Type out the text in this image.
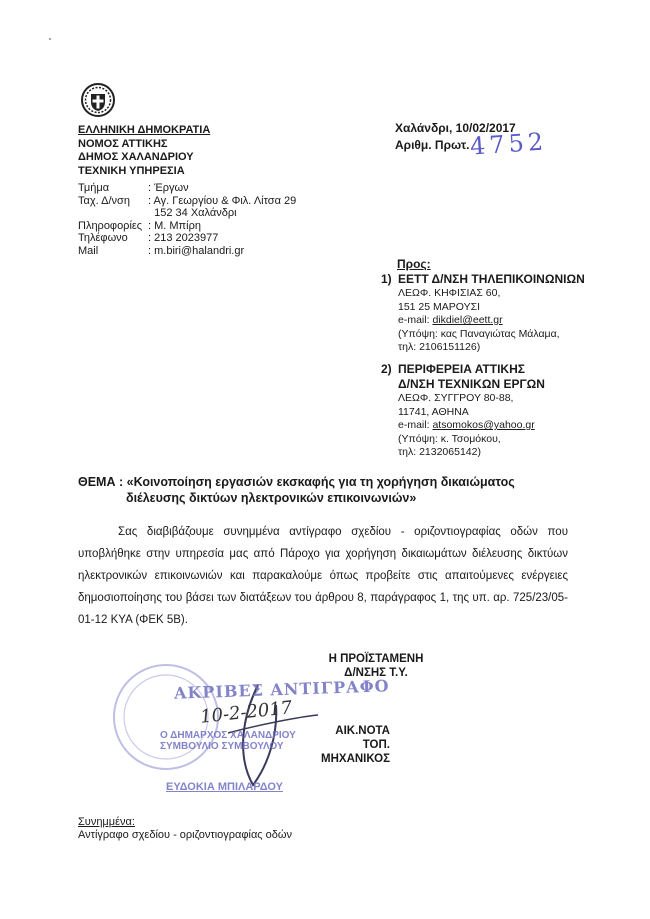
ΕΛΛΗΝΙΚΗ ΔΗΜΟΚΡΑΤΙΑ
ΝΟΜΟΣ ΑΤΤΙΚΗΣ
ΔΗΜΟΣ ΧΑΛΑΝΔΡΙΟΥ
ΤΕΧΝΙΚΗ ΥΠΗΡΕΣΙΑ
Τμήμα	: Έργων
Ταχ. Δ/νση	: Αγ. Γεωργίου & Φιλ. Λίτσα 29
152 34 Χαλάνδρι
Πληροφορίες : Μ. Μπίρη
Τηλέφωνο	: 213 2023977
Mail	: m.biri@halandri.gr
Χαλάνδρι, 10/02/2017
Αριθμ. Πρωτ. 4752
Προς:
1) ΕΕΤΤ Δ/ΝΣΗ ΤΗΛΕΠΙΚΟΙΝΩΝΙΩΝ
ΛΕΩΦ. ΚΗΦΙΣΙΑΣ 60,
151 25 ΜΑΡΟΥΣΙ
e-mail: dikdiel@eett.gr
(Υπόψη: κας Παναγιώτας Μάλαμα,
τηλ: 2106151126)
2) ΠΕΡΙΦΕΡΕΙΑ ΑΤΤΙΚΗΣ
Δ/ΝΣΗ ΤΕΧΝΙΚΩΝ ΕΡΓΩΝ
ΛΕΩΦ. ΣΥΓΓΡΟΥ 80-88,
11741, ΑΘΗΝΑ
e-mail: atsomokos@yahoo.gr
(Υπόψη: κ. Τσομόκου,
τηλ: 2132065142)
ΘΕΜΑ : «Κοινοποίηση εργασιών εκσκαφής για τη χορήγηση δικαιώματος
διέλευσης δικτύων ηλεκτρονικών επικοινωνιών»

Σας διαβιβάζουμε συνημμένα αντίγραφο σχεδίου - οριζοντιογραφίας οδών που υποβλήθηκε στην υπηρεσία μας από Πάροχο για χορήγηση δικαιωμάτων διέλευσης δικτύων ηλεκτρονικών επικοινωνιών και παρακαλούμε όπως προβείτε στις απαιτούμενες ενέργειες δημοσιοποίησης του βάσει των διατάξεων του άρθρου 8, παράγραφος 1, της υπ. αρ. 725/23/05-01-12 ΚΥΑ (ΦΕΚ 5Β).

Η ΠΡΟΪΣΤΑΜΕΝΗ
Δ/ΝΣΗΣ Τ.Υ.
ΑΚΡΙΒΕΣ ΑΝΤΙΓΡΑΦΟ
10-2-2017
Ο ΔΗΜΑΡΧΟΣ ΧΑΛΑΝΔΡΙΟΥ
ΣΥΜΒΟΥΛΙΟ ΣΥΜΒΟΥΛΟΥ
ΕΥΔΟΚΙΑ ΜΠΙΛΑΡΔΟΥ
ΑΙΚ.ΝΟΤΑ
ΤΟΠ. ΜΗΧΑΝΙΚΟΣ
Συνημμένα:
Αντίγραφο σχεδίου - οριζοντιογραφίας οδών
